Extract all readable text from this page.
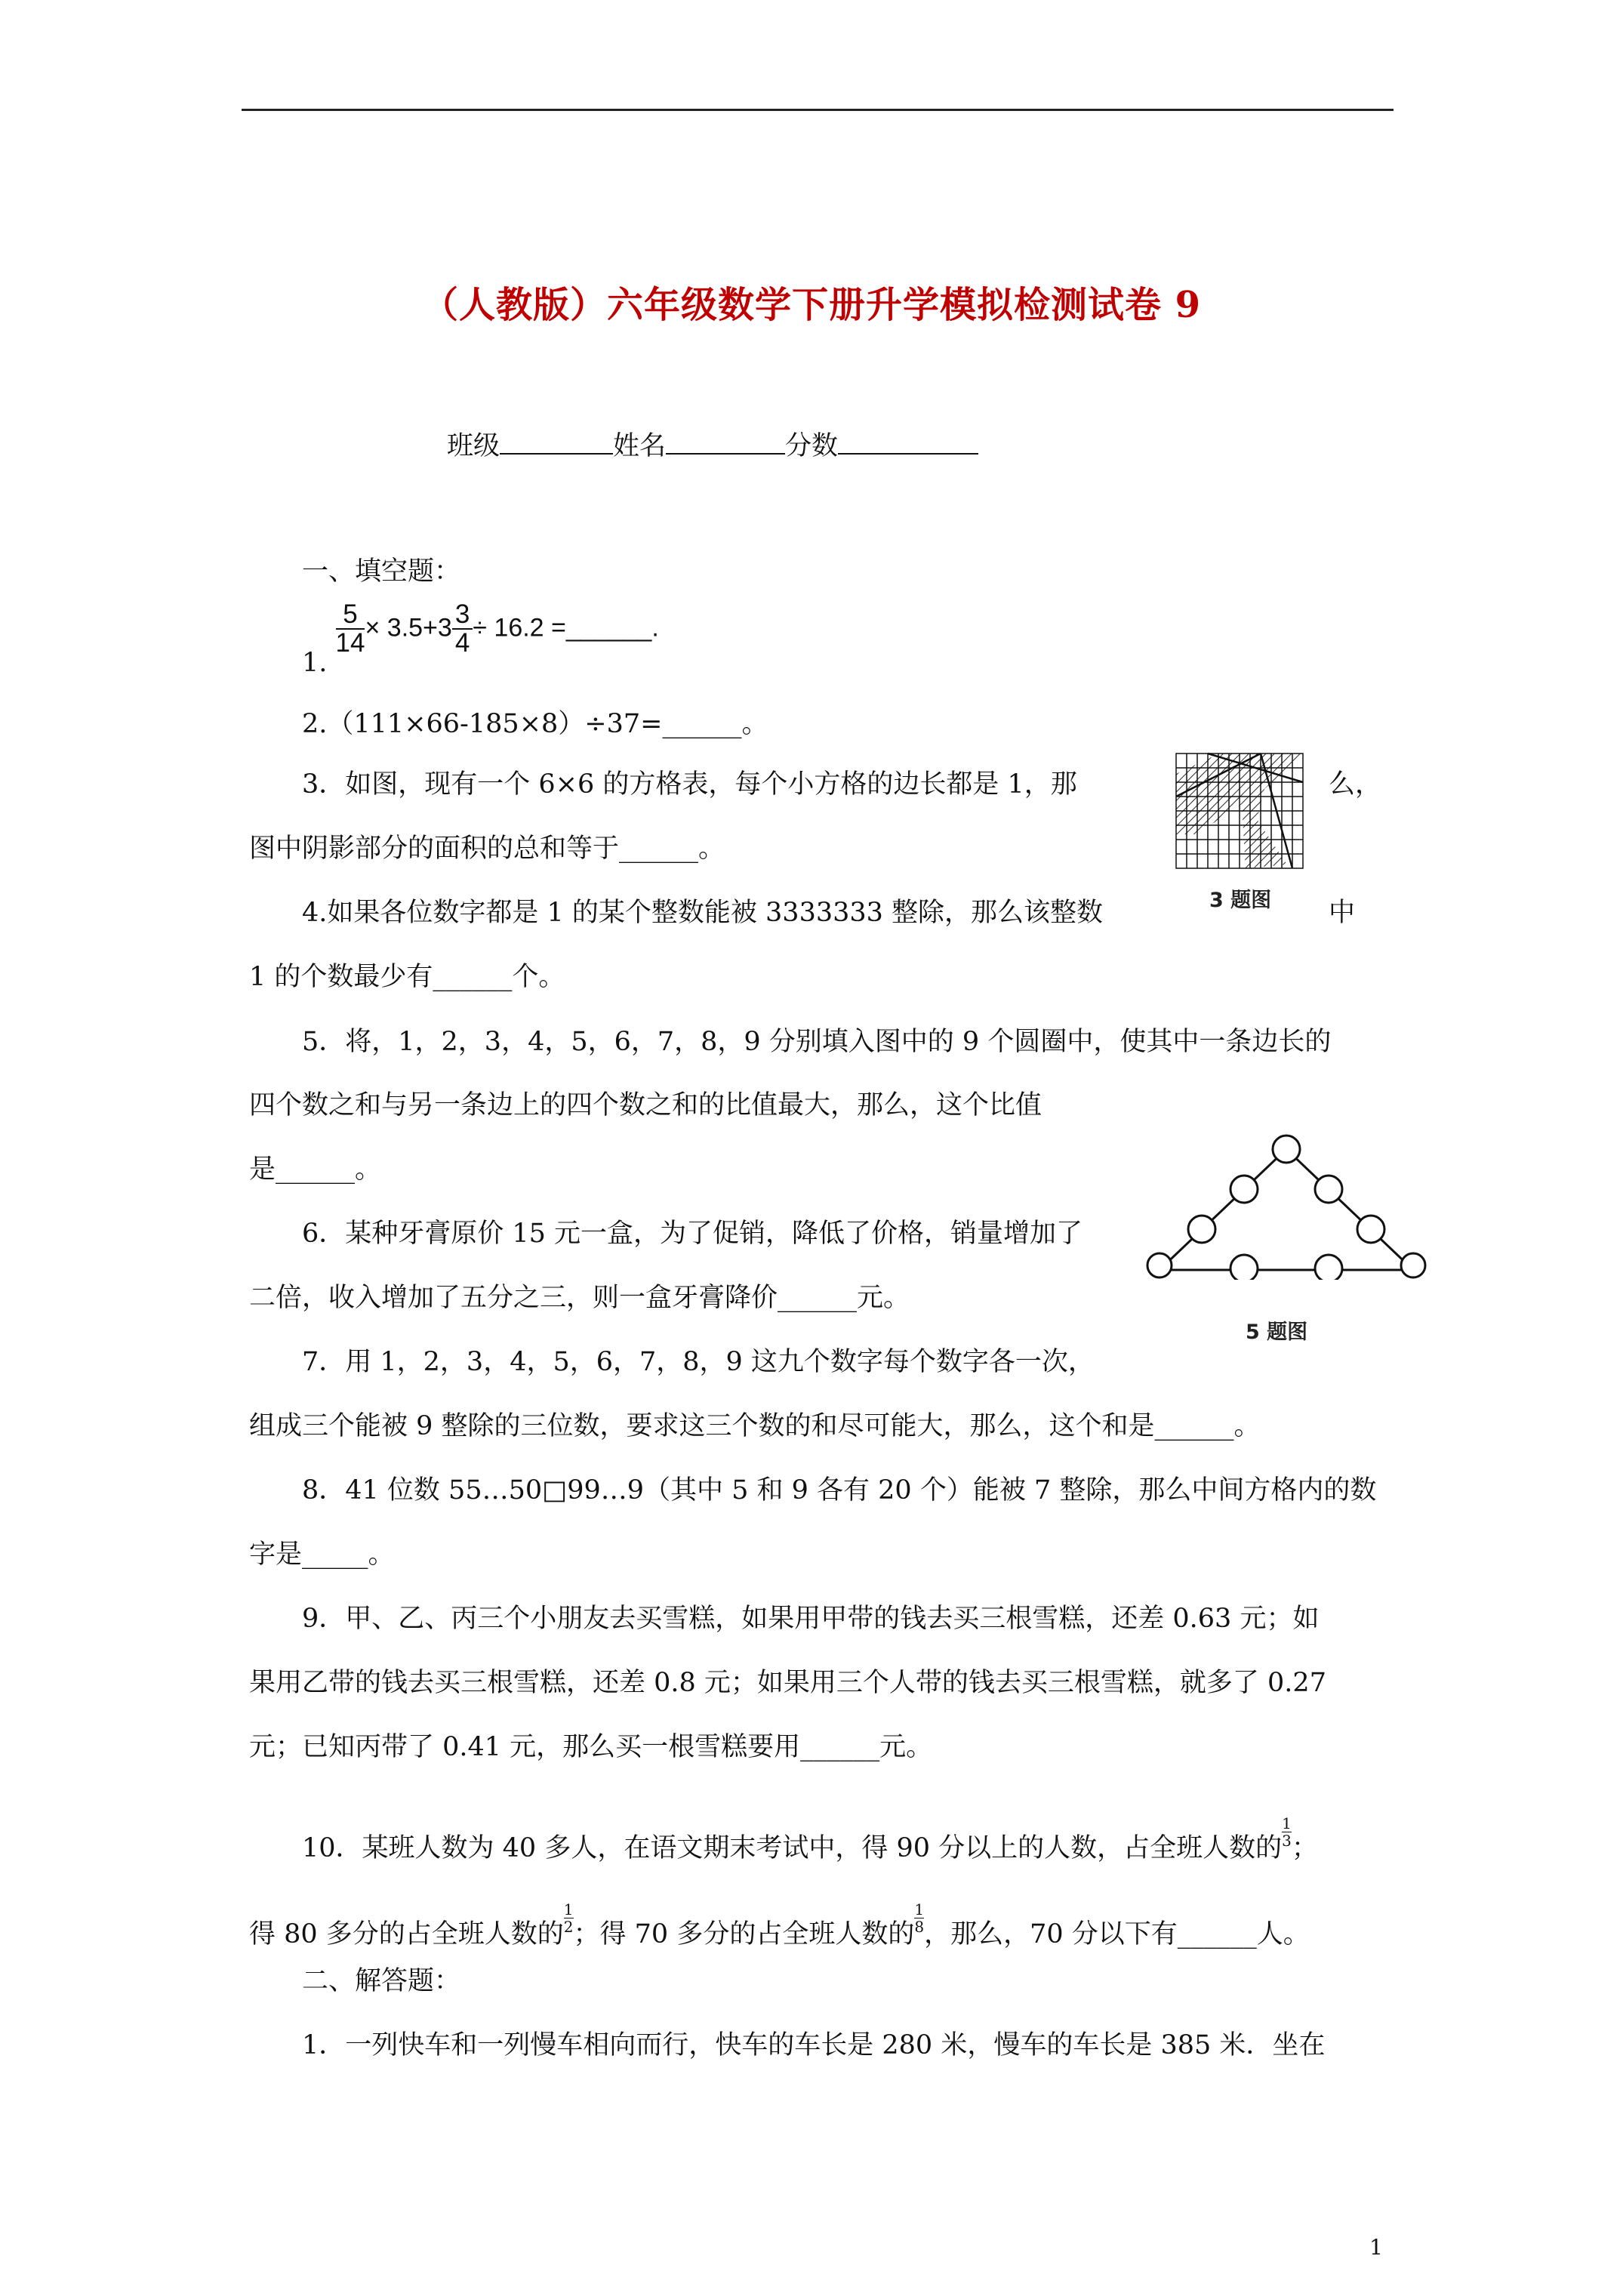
（人教版）六年级数学下册升学模拟检测试卷 9
班级	姓名	分数
一、填空题：
1.
$\frac{5}{14} \times 3.5+3 \frac{3}{4} \div 16.2$ =______.
2.（111×66-185×8）÷37=______。
3．如图，现有一个 6×6 的方格表，每个小方格的边长都是 1，那	么，
图中阴影部分的面积的总和等于______。
3 题图
4.如果各位数字都是 1 的某个整数能被 3333333 整除，那么该整数	中
1 的个数最少有______个。
5．将，1，2，3，4，5，6，7，8，9 分别填入图中的 9 个圆圈中，使其中一条边长的
四个数之和与另一条边上的四个数之和的比值最大，那么，这个比值
是______。
6．某种牙膏原价 15 元一盒，为了促销，降低了价格，销量增加了
二倍，收入增加了五分之三，则一盒牙膏降价______元。
5 题图
7．用 1，2，3，4，5，6，7，8，9 这九个数字每个数字各一次，
组成三个能被 9 整除的三位数，要求这三个数的和尽可能大，那么，这个和是______。
8．41 位数 55…50□99…9（其中 5 和 9 各有 20 个）能被 7 整除，那么中间方格内的数
字是_____。
9．甲、乙、丙三个小朋友去买雪糕，如果用甲带的钱去买三根雪糕，还差 0.63 元；如
果用乙带的钱去买三根雪糕，还差 0.8 元；如果用三个人带的钱去买三根雪糕，就多了 0.27
元；已知丙带了 0.41 元，那么买一根雪糕要用______元。
10．某班人数为 40 多人，在语文期末考试中，得 90 分以上的人数，占全班人数的 $\frac{1}{3}$ ；
得 80 多分的占全班人数的 $\frac{1}{2}$ ；得 70 多分的占全班人数的 $\frac{1}{8}$ ，那么，70 分以下有______人。
二、解答题：
1．一列快车和一列慢车相向而行，快车的车长是 280 米，慢车的车长是 385 米．坐在
1
